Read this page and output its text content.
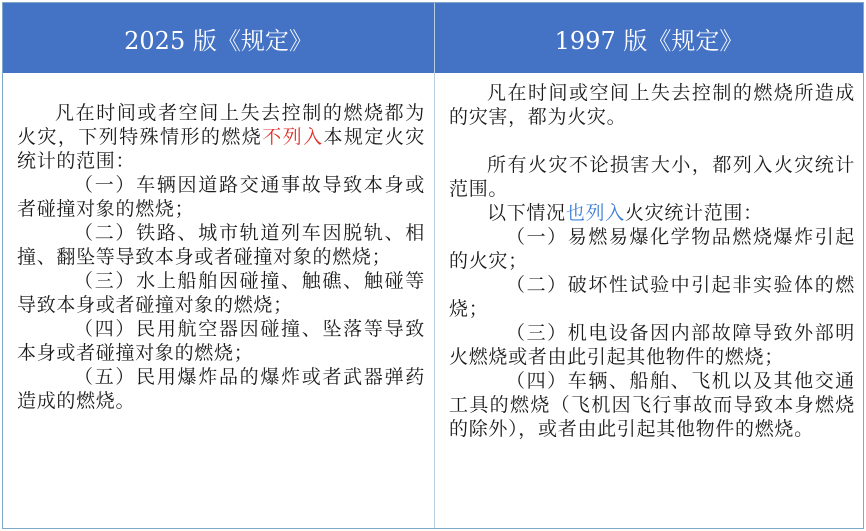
2025 版《规定》	1997 版《规定》

凡在时间或者空间上失去控制的燃烧都为火灾，下列特殊情形的燃烧不列入本规定火灾统计的范围：

（一）车辆因道路交通事故导致本身或者碰撞对象的燃烧；

（二）铁路、城市轨道列车因脱轨、相撞、翻坠等导致本身或者碰撞对象的燃烧；

（三）水上船舶因碰撞、触礁、触碰等导致本身或者碰撞对象的燃烧；

（四）民用航空器因碰撞、坠落等导致本身或者碰撞对象的燃烧；

（五）民用爆炸品的爆炸或者武器弹药造成的燃烧。

凡在时间或空间上失去控制的燃烧所造成的灾害，都为火灾。

所有火灾不论损害大小，都列入火灾统计范围。

以下情况也列入火灾统计范围：

（一）易燃易爆化学物品燃烧爆炸引起的火灾；

（二）破坏性试验中引起非实验体的燃烧；

（三）机电设备因内部故障导致外部明火燃烧或者由此引起其他物件的燃烧；

（四）车辆、船舶、飞机以及其他交通工具的燃烧（飞机因飞行事故而导致本身燃烧的除外），或者由此引起其他物件的燃烧。
